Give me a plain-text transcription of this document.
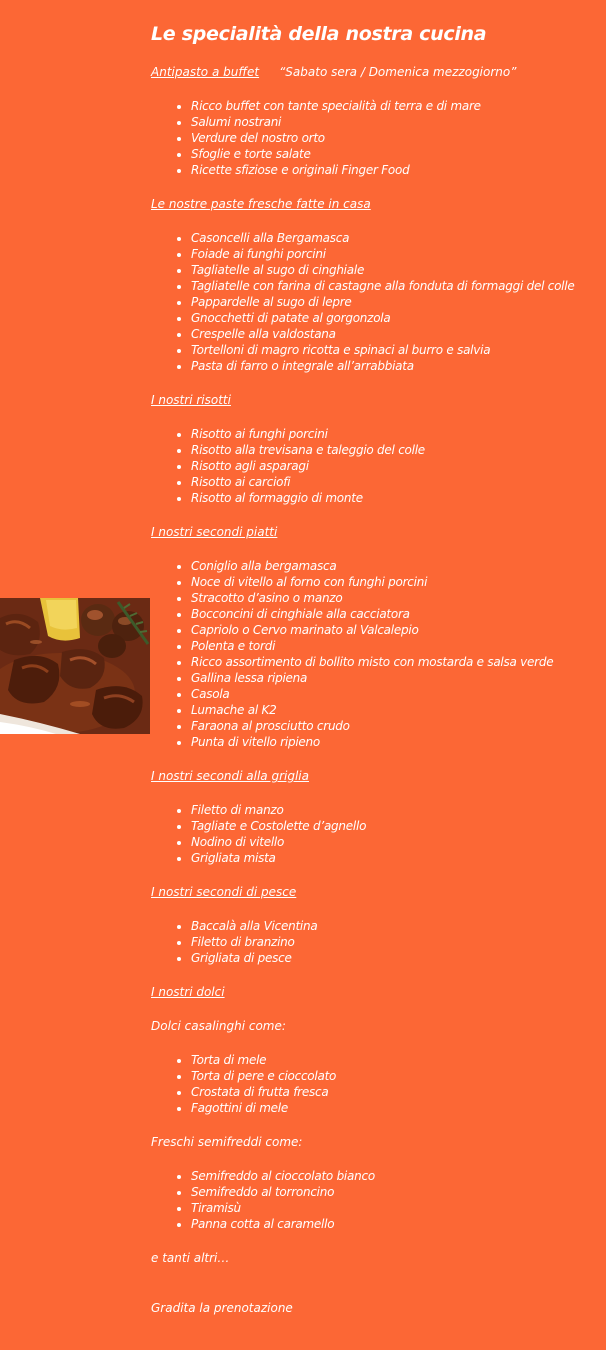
Le specialità della nostra cucina
Antipasto a buffet “Sabato sera / Domenica mezzogiorno”
• Ricco buffet con tante specialità di terra e di mare
• Salumi nostrani
• Verdure del nostro orto
• Sfoglie e torte salate
• Ricette sfiziose e originali Finger Food
Le nostre paste fresche fatte in casa
• Casoncelli alla Bergamasca
• Foiade ai funghi porcini
• Tagliatelle al sugo di cinghiale
• Tagliatelle con farina di castagne alla fonduta di formaggi del colle
• Pappardelle al sugo di lepre
• Gnocchetti di patate al gorgonzola
• Crespelle alla valdostana
• Tortelloni di magro ricotta e spinaci al burro e salvia
• Pasta di farro o integrale all’arrabbiata
I nostri risotti
• Risotto ai funghi porcini
• Risotto alla trevisana e taleggio del colle
• Risotto agli asparagi
• Risotto ai carciofi
• Risotto al formaggio di monte
I nostri secondi piatti
• Coniglio alla bergamasca
• Noce di vitello al forno con funghi porcini
• Stracotto d’asino o manzo
• Bocconcini di cinghiale alla cacciatora
• Capriolo o Cervo marinato al Valcalepio
• Polenta e tordi
• Ricco assortimento di bollito misto con mostarda e salsa verde
• Gallina lessa ripiena
• Casola
• Lumache al K2
• Faraona al prosciutto crudo
• Punta di vitello ripieno
I nostri secondi alla griglia
• Filetto di manzo
• Tagliate e Costolette d’agnello
• Nodino di vitello
• Grigliata mista
I nostri secondi di pesce
• Baccalà alla Vicentina
• Filetto di branzino
• Grigliata di pesce
I nostri dolci
Dolci casalinghi come:
• Torta di mele
• Torta di pere e cioccolato
• Crostata di frutta fresca
• Fagottini di mele
Freschi semifreddi come:
• Semifreddo al cioccolato bianco
• Semifreddo al torroncino
• Tiramisù
• Panna cotta al caramello
e tanti altri…
Gradita la prenotazione
